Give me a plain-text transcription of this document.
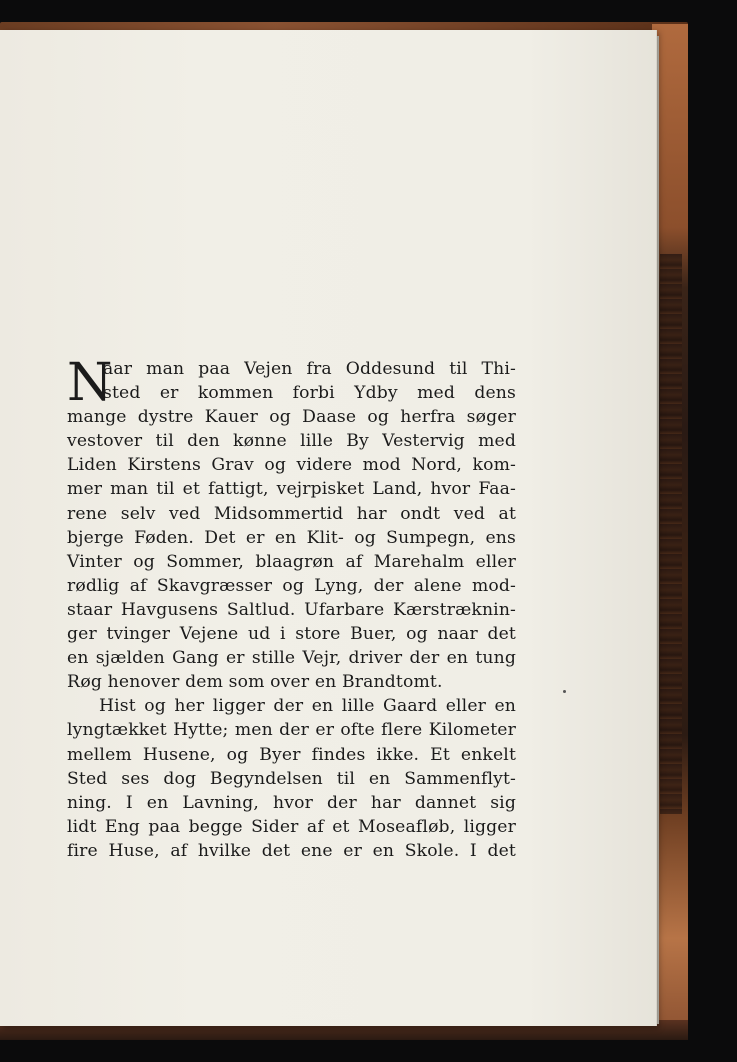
N
aar man paa Vejen fra Oddesund til Thi-
sted er kommen forbi Ydby med dens
mange dystre Kauer og Daase og herfra søger
vestover til den kønne lille By Vestervig med
Liden Kirstens Grav og videre mod Nord, kom-
mer man til et fattigt, vejrpisket Land, hvor Faa-
rene selv ved Midsommertid har ondt ved at
bjerge Føden. Det er en Klit- og Sumpegn, ens
Vinter og Sommer, blaagrøn af Marehalm eller
rødlig af Skavgræsser og Lyng, der alene mod-
staar Havgusens Saltlud. Ufarbare Kærstræknin-
ger tvinger Vejene ud i store Buer, og naar det
en sjælden Gang er stille Vejr, driver der en tung
Røg henover dem som over en Brandtomt.
Hist og her ligger der en lille Gaard eller en
lyngtækket Hytte; men der er ofte flere Kilometer
mellem Husene, og Byer findes ikke. Et enkelt
Sted ses dog Begyndelsen til en Sammenflyt-
ning. I en Lavning, hvor der har dannet sig
lidt Eng paa begge Sider af et Moseafløb, ligger
fire Huse, af hvilke det ene er en Skole. I det
